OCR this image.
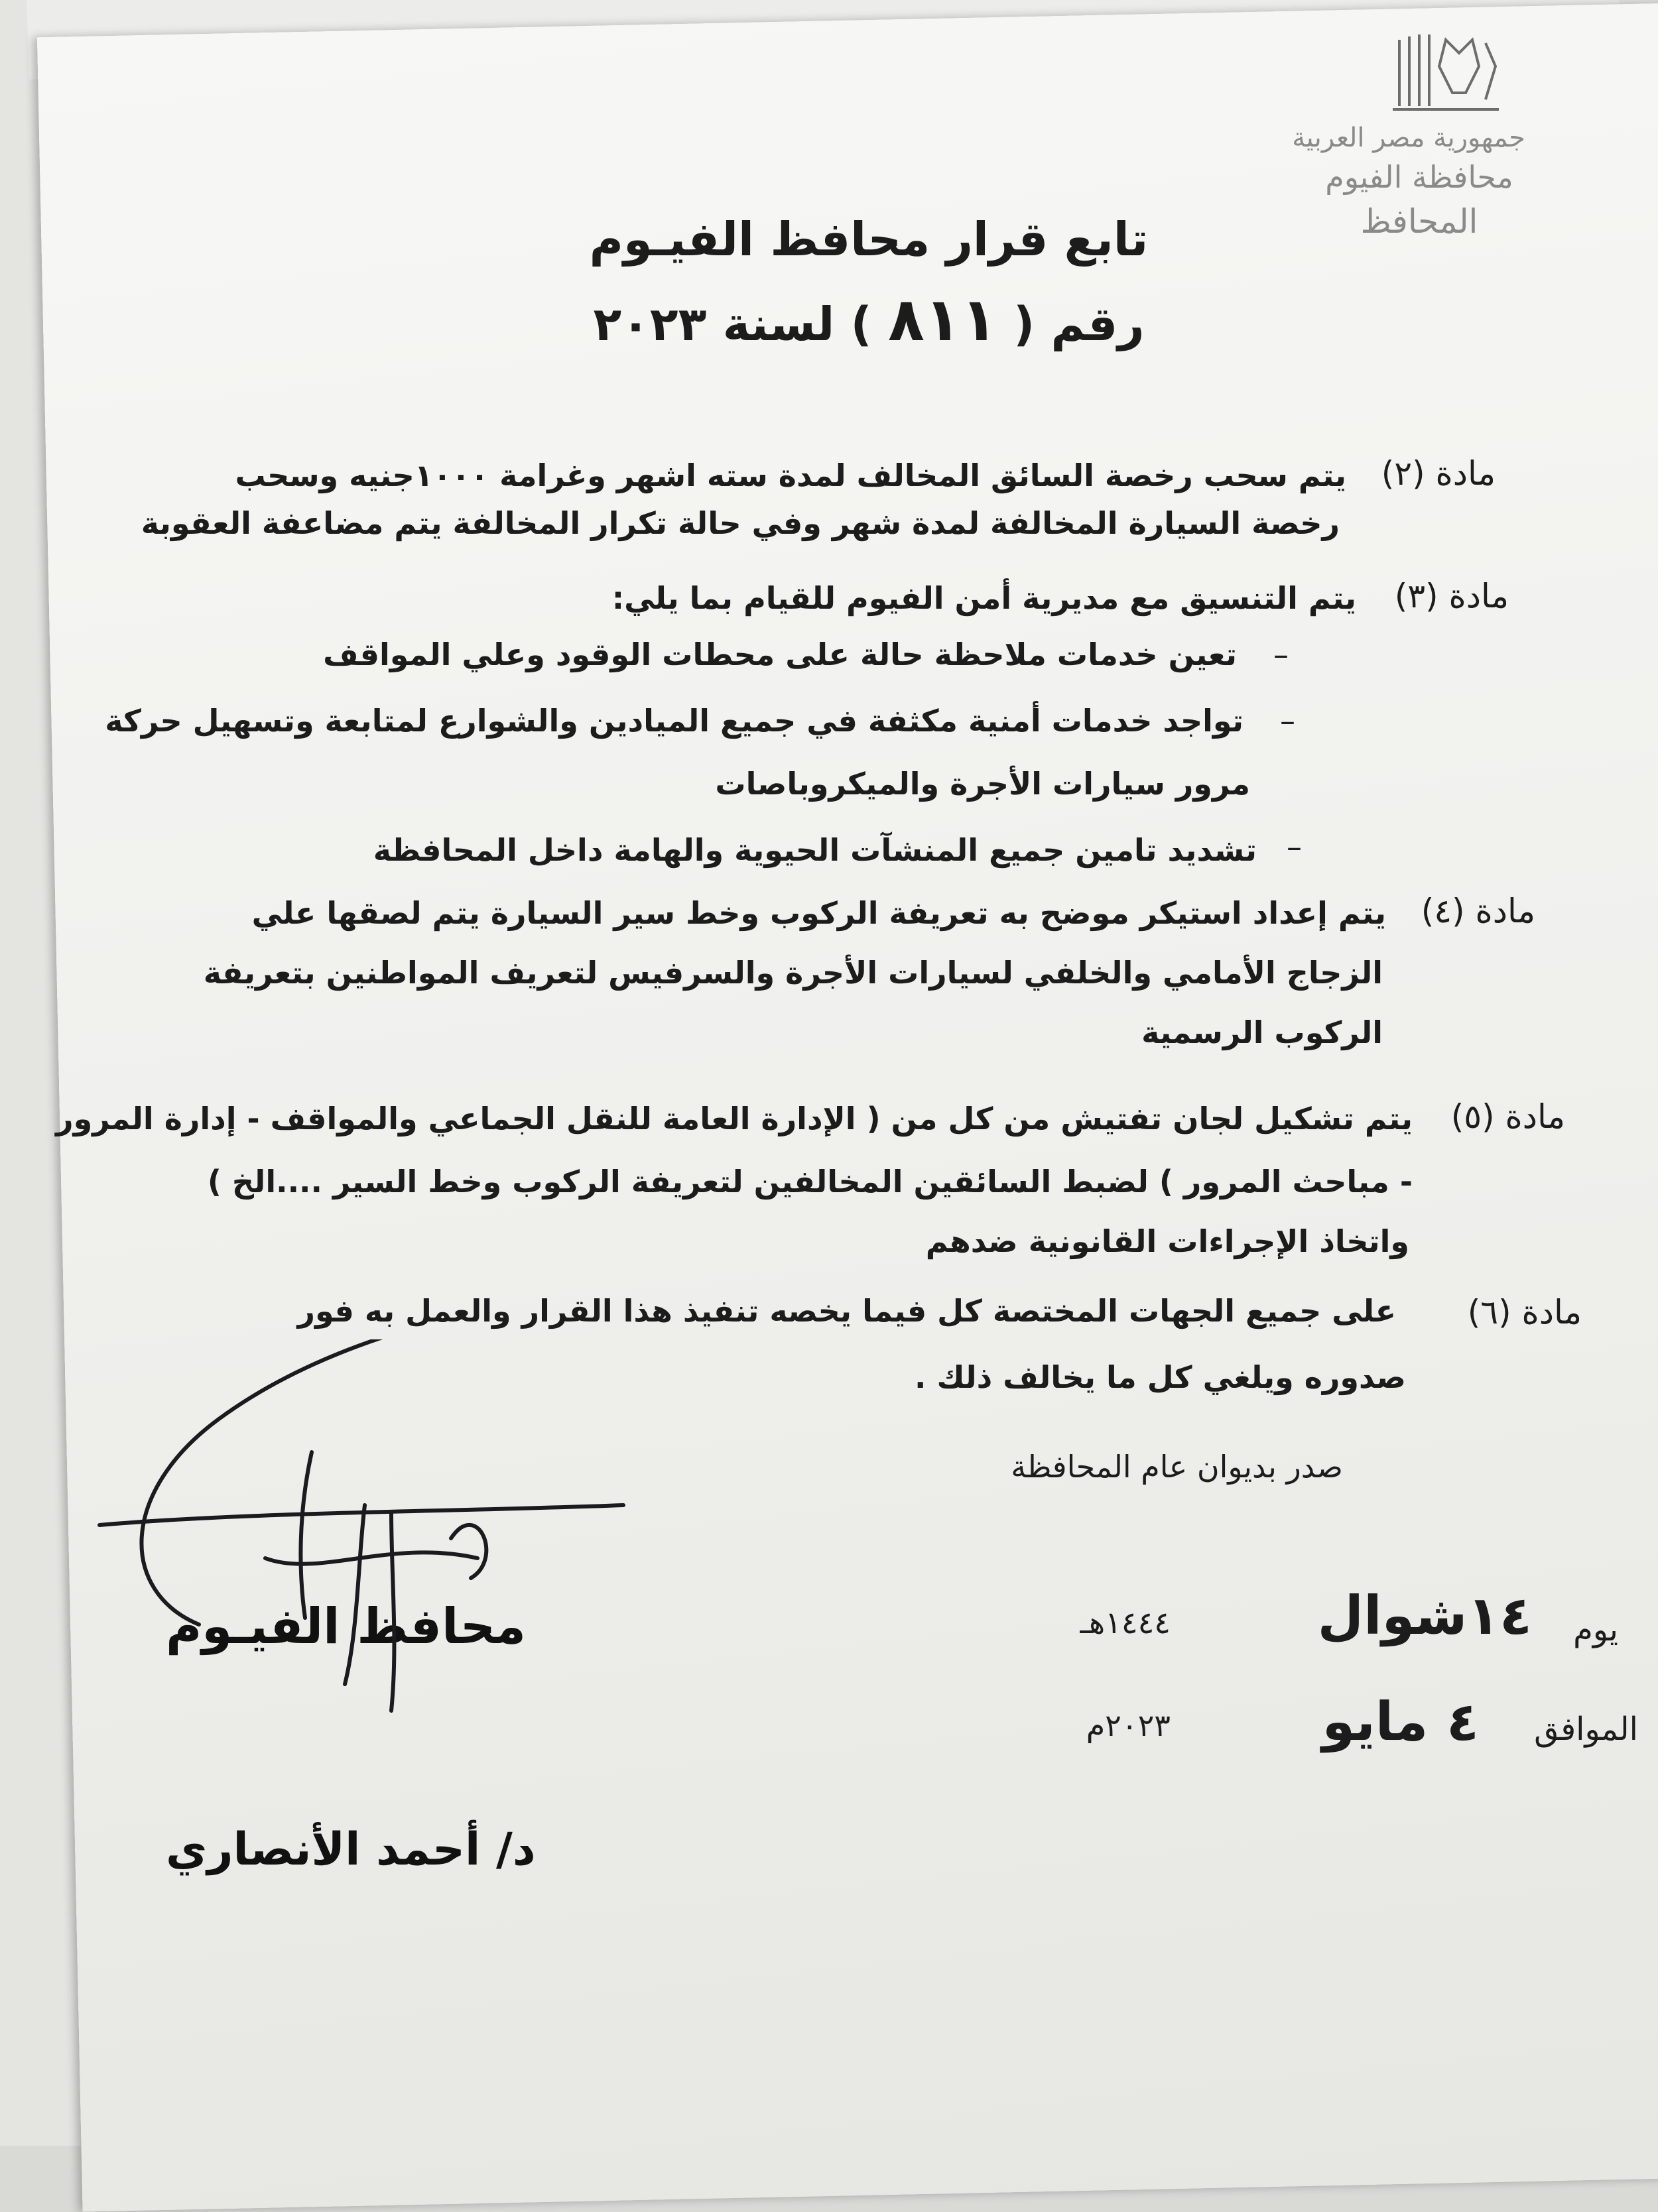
جمهورية مصر العربية
محافظة الفيوم
المحافظ
تابع قرار محافظ الفيـوم
رقم ( ٨١١ ) لسنة ٢٠٢٣
مادة (٢)
يتم سحب رخصة السائق المخالف لمدة سته اشهر وغرامة ١٠٠٠جنيه وسحب
رخصة السيارة المخالفة لمدة شهر وفي حالة تكرار المخالفة يتم مضاعفة العقوبة
مادة (٣)
يتم التنسيق مع مديرية أمن الفيوم للقيام بما يلي:
–
تعين خدمات ملاحظة حالة على محطات الوقود وعلي المواقف
–
تواجد خدمات أمنية مكثفة في جميع الميادين والشوارع لمتابعة وتسهيل حركة
مرور سيارات الأجرة والميكروباصات
–
تشديد تامين جميع المنشآت الحيوية والهامة داخل المحافظة
مادة (٤)
يتم إعداد استيكر موضح به تعريفة الركوب وخط سير السيارة يتم لصقها علي
الزجاج الأمامي والخلفي لسيارات الأجرة والسرفيس لتعريف المواطنين بتعريفة
الركوب الرسمية
مادة (٥)
يتم تشكيل لجان تفتيش من كل من ( الإدارة العامة للنقل الجماعي والمواقف - إدارة المرور
- مباحث المرور ) لضبط السائقين المخالفين لتعريفة الركوب وخط السير ....الخ )
واتخاذ الإجراءات القانونية ضدهم
مادة (٦)
على جميع الجهات المختصة كل فيما يخصه تنفيذ هذا القرار والعمل به فور
صدوره ويلغي كل ما يخالف ذلك .
صدر بديوان عام المحافظة
يوم
١٤شوال
١٤٤٤هـ
الموافق
٤ مايو
٢٠٢٣م
محافظ الفيـوم
د/ أحمد الأنصاري
